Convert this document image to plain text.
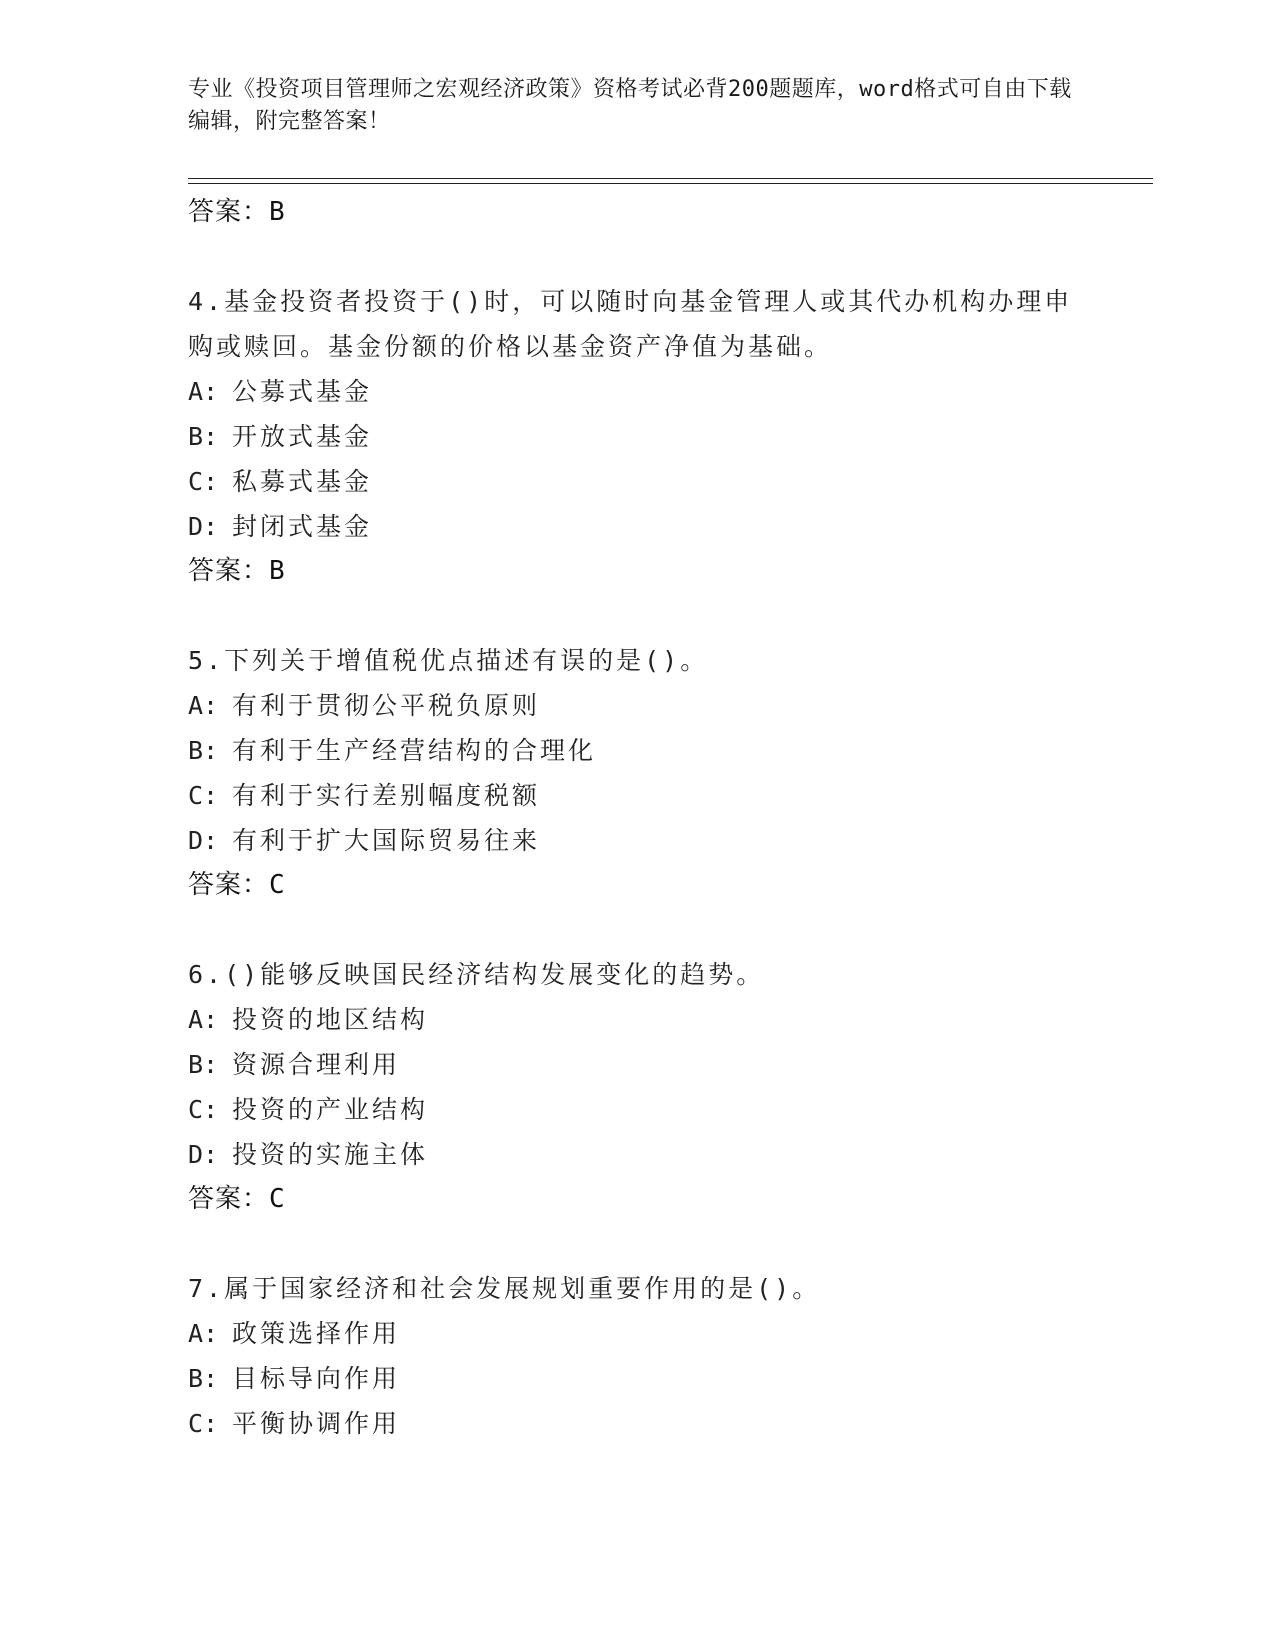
专业《投资项目管理师之宏观经济政策》资格考试必背200题题库，word格式可自由下载编辑，附完整答案！
答案：B
4.基金投资者投资于()时，可以随时向基金管理人或其代办机构办理申购或赎回。基金份额的价格以基金资产净值为基础。
A: 公募式基金
B: 开放式基金
C: 私募式基金
D: 封闭式基金
答案：B
5.下列关于增值税优点描述有误的是()。
A: 有利于贯彻公平税负原则
B: 有利于生产经营结构的合理化
C: 有利于实行差别幅度税额
D: 有利于扩大国际贸易往来
答案：C
6.()能够反映国民经济结构发展变化的趋势。
A: 投资的地区结构
B: 资源合理利用
C: 投资的产业结构
D: 投资的实施主体
答案：C
7.属于国家经济和社会发展规划重要作用的是()。
A: 政策选择作用
B: 目标导向作用
C: 平衡协调作用
